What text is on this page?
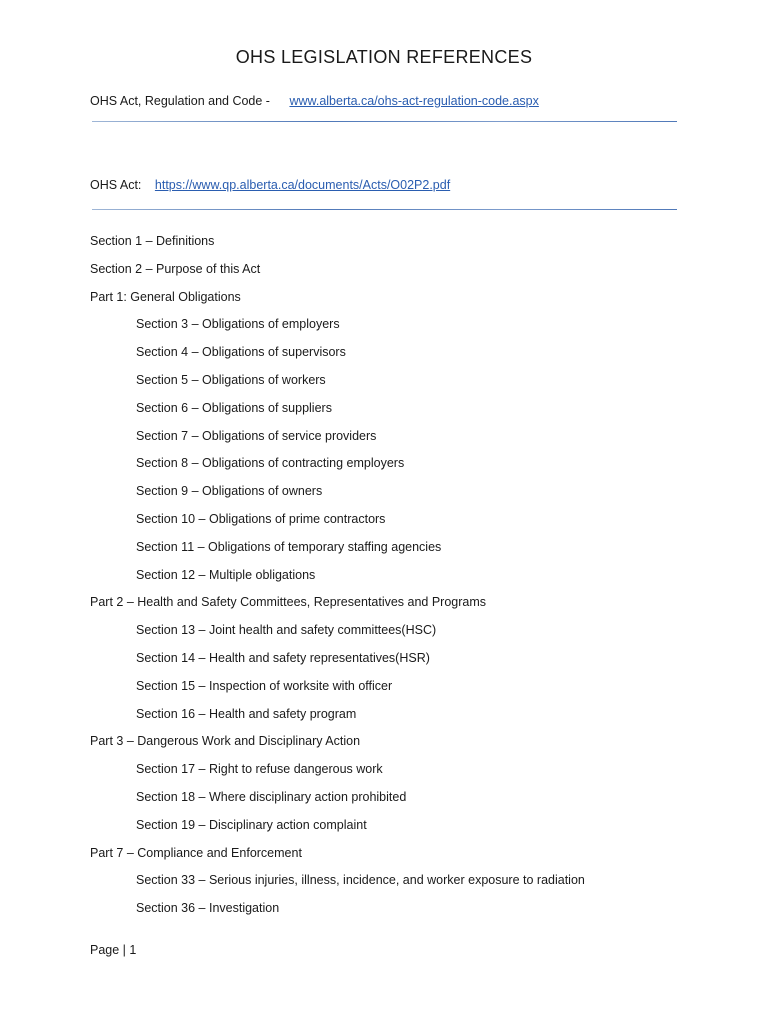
OHS LEGISLATION REFERENCES
OHS Act, Regulation and Code - www.alberta.ca/ohs-act-regulation-code.aspx
OHS Act: https://www.qp.alberta.ca/documents/Acts/O02P2.pdf
Section 1 – Definitions
Section 2 – Purpose of this Act
Part 1: General Obligations
Section 3 – Obligations of employers
Section 4 – Obligations of supervisors
Section 5 – Obligations of workers
Section 6 – Obligations of suppliers
Section 7 – Obligations of service providers
Section 8 – Obligations of contracting employers
Section 9 – Obligations of owners
Section 10 – Obligations of prime contractors
Section 11 – Obligations of temporary staffing agencies
Section 12 – Multiple obligations
Part 2 – Health and Safety Committees, Representatives and Programs
Section 13 – Joint health and safety committees(HSC)
Section 14 – Health and safety representatives(HSR)
Section 15 – Inspection of worksite with officer
Section 16 – Health and safety program
Part 3 – Dangerous Work and Disciplinary Action
Section 17 – Right to refuse dangerous work
Section 18 – Where disciplinary action prohibited
Section 19 – Disciplinary action complaint
Part 7 – Compliance and Enforcement
Section 33 – Serious injuries, illness, incidence, and worker exposure to radiation
Section 36 – Investigation
Page | 1
